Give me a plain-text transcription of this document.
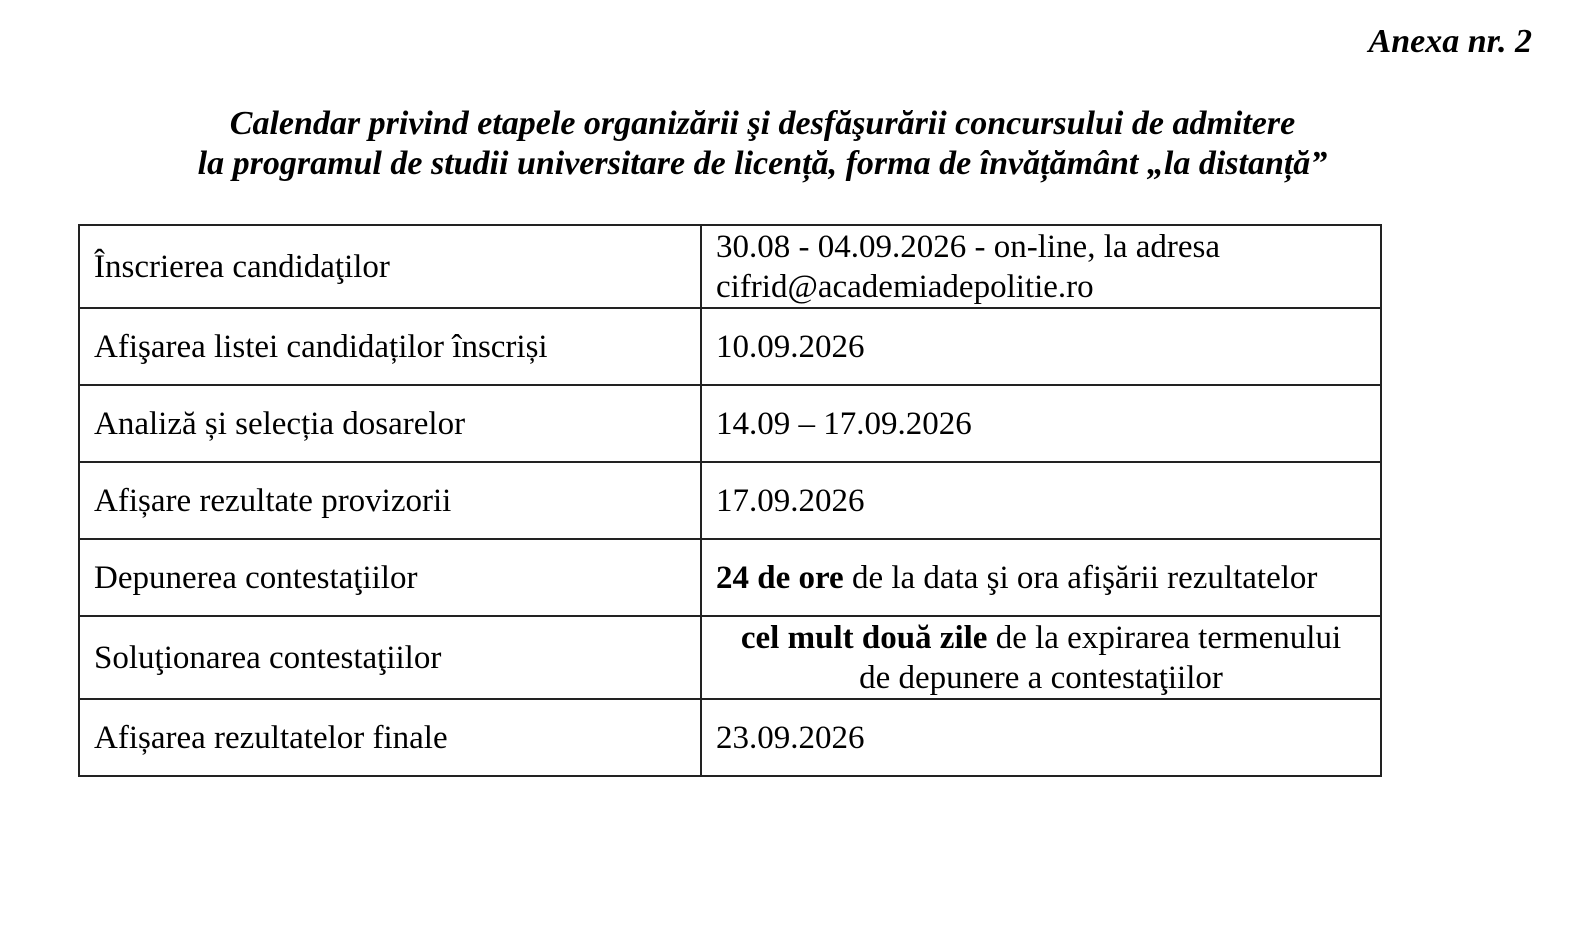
Anexa nr. 2
Calendar privind etapele organizării şi desfăşurării concursului de admitere
la programul de studii universitare de licență, forma de învățământ „la distanță”
Înscrierea candidaţilor	30.08 - 04.09.2026 - on-line, la adresa
cifrid@academiadepolitie.ro

Afişarea listei candidaților înscriși	10.09.2026
Analiză și selecția dosarelor	14.09 – 17.09.2026
Afișare rezultate provizorii	17.09.2026
Depunerea contestaţiilor	24 de ore de la data şi ora afişării rezultatelor
Soluţionarea contestaţiilor	cel mult două zile de la expirarea termenului
de depunere a contestaţiilor

Afișarea rezultatelor finale	23.09.2026
